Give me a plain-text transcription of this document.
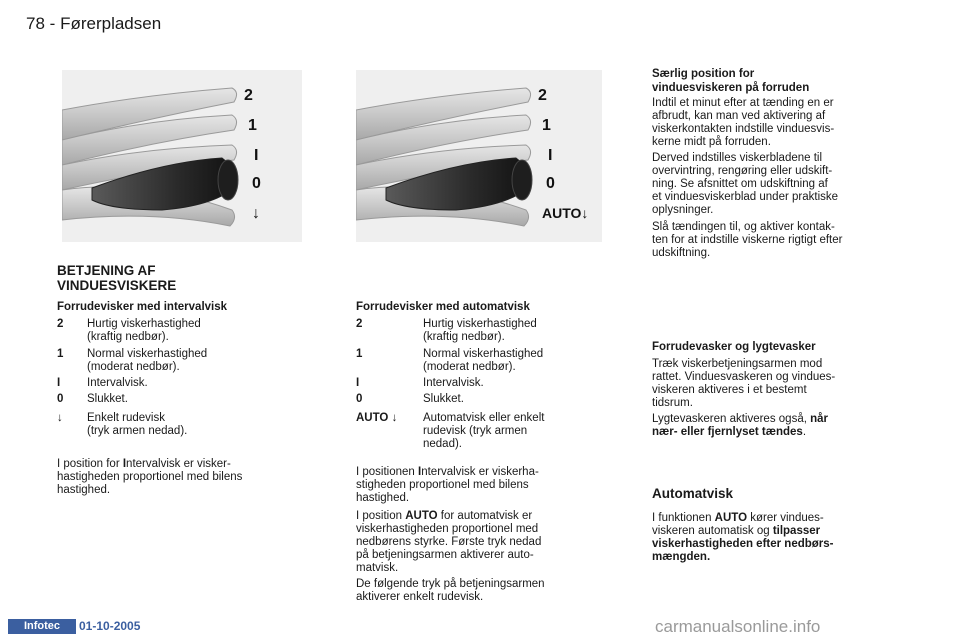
78 - Førerpladsen
2
1
I
0
↓
2
1
I
0
AUTO↓
BETJENING AF
VINDUESVISKERE
Forrudevisker med intervalvisk
2 Hurtig viskerhastighed
(kraftig nedbør).
1 Normal viskerhastighed
(moderat nedbør).
I Intervalvisk.
0 Slukket.
↓ Enkelt rudevisk
(tryk armen nedad).
I position for Intervalvisk er visker-
hastigheden proportionel med bilens
hastighed.
Forrudevisker med automatvisk
2	Hurtig viskerhastighed
(kraftig nedbør).
1	Normal viskerhastighed
(moderat nedbør).
I	Intervalvisk.
0	Slukket.
AUTO ↓ Automatvisk eller enkelt
rudevisk (tryk armen
nedad).
I positionen Intervalvisk er viskerha-
stigheden proportionel med bilens
hastighed.
I position AUTO for automatvisk er
viskerhastigheden proportionel med
nedbørens styrke. Første tryk nedad
på betjeningsarmen aktiverer auto-
matvisk.
De følgende tryk på betjeningsarmen
aktiverer enkelt rudevisk.
Særlig position for
vinduesviskeren på forruden
Indtil et minut efter at tænding en er
afbrudt, kan man ved aktivering af
viskerkontakten indstille vinduesvis-
kerne midt på forruden.
Derved indstilles viskerbladene til
overvintring, rengøring eller udskift-
ning. Se afsnittet om udskiftning af
et vinduesviskerblad under praktiske
oplysninger.
Slå tændingen til, og aktiver kontak-
ten for at indstille viskerne rigtigt efter
udskiftning.
Forrudevasker og lygtevasker
Træk viskerbetjeningsarmen mod
rattet. Vinduesvaskeren og vindues-
viskeren aktiveres i et bestemt
tidsrum.
Lygtevaskeren aktiveres også, når
nær- eller fjernlyset tændes.
Automatvisk
I funktionen AUTO kører vindues-
viskeren automatisk og tilpasser
viskerhastigheden efter nedbørs-
mængden.
Infotec	01-10-2005	carmanualsonline.info
